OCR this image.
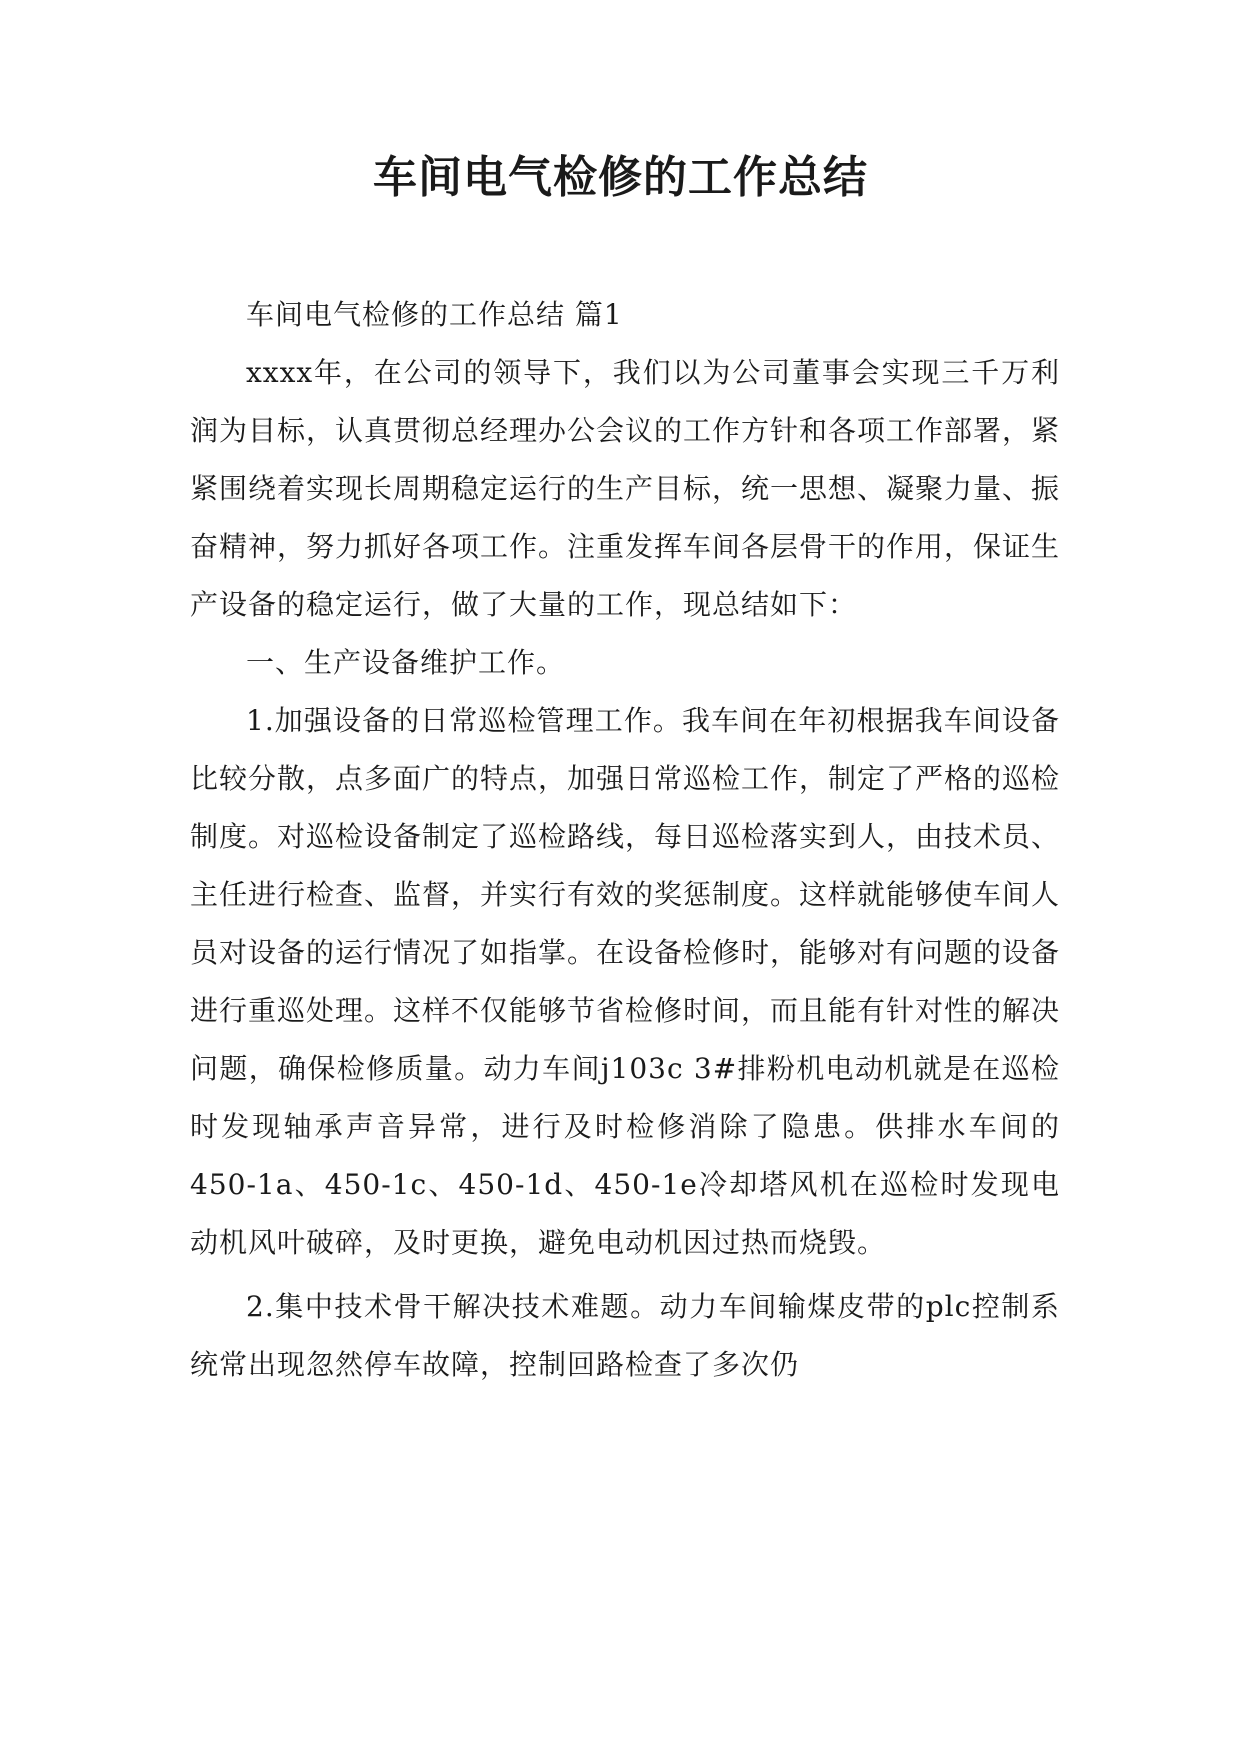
车间电气检修的工作总结

车间电气检修的工作总结 篇1

xxxx年，在公司的领导下，我们以为公司董事会实现三千万利润为目标，认真贯彻总经理办公会议的工作方针和各项工作部署，紧紧围绕着实现长周期稳定运行的生产目标，统一思想、凝聚力量、振奋精神，努力抓好各项工作。注重发挥车间各层骨干的作用，保证生产设备的稳定运行，做了大量的工作，现总结如下：

一、生产设备维护工作。

1.加强设备的日常巡检管理工作。我车间在年初根据我车间设备比较分散，点多面广的特点，加强日常巡检工作，制定了严格的巡检制度。对巡检设备制定了巡检路线，每日巡检落实到人，由技术员、主任进行检查、监督，并实行有效的奖惩制度。这样就能够使车间人员对设备的运行情况了如指掌。在设备检修时，能够对有问题的设备进行重巡处理。这样不仅能够节省检修时间，而且能有针对性的解决问题，确保检修质量。动力车间j103c 3#排粉机电动机就是在巡检时发现轴承声音异常，进行及时检修消除了隐患。供排水车间的450-1a、450-1c、450-1d、450-1e冷却塔风机在巡检时发现电动机风叶破碎，及时更换，避免电动机因过热而烧毁。

2.集中技术骨干解决技术难题。动力车间输煤皮带的plc控制系统常出现忽然停车故障，控制回路检查了多次仍
